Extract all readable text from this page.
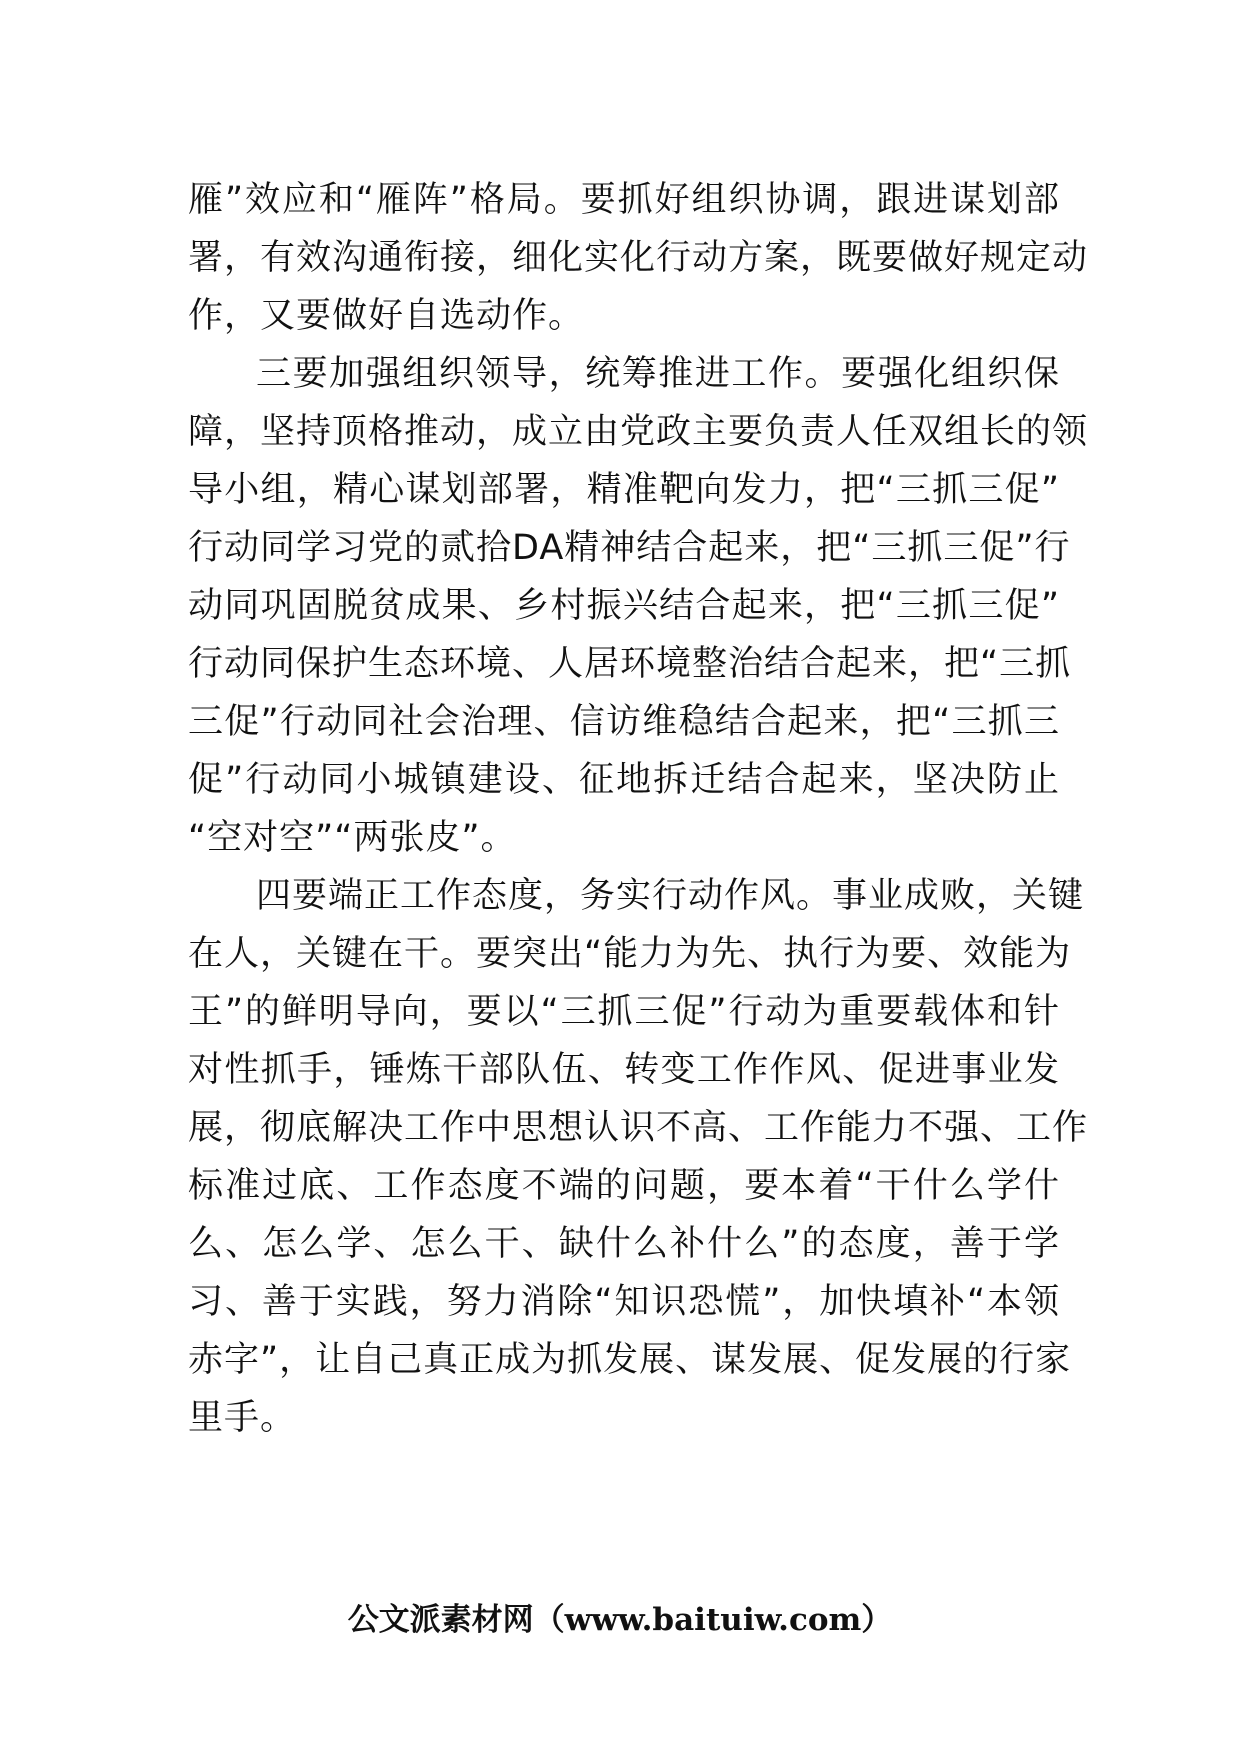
雁”效应和“雁阵”格局。要抓好组织协调，跟进谋划部
署，有效沟通衔接，细化实化行动方案，既要做好规定动
作，又要做好自选动作。
三要加强组织领导，统筹推进工作。要强化组织保
障，坚持顶格推动，成立由党政主要负责人任双组长的领
导小组，精心谋划部署，精准靶向发力，把“三抓三促”
行动同学习党的贰拾DA精神结合起来，把“三抓三促”行
动同巩固脱贫成果、乡村振兴结合起来，把“三抓三促”
行动同保护生态环境、人居环境整治结合起来，把“三抓
三促”行动同社会治理、信访维稳结合起来，把“三抓三
促”行动同小城镇建设、征地拆迁结合起来，坚决防止
“空对空”“两张皮”。
四要端正工作态度，务实行动作风。事业成败，关键
在人，关键在干。要突出“能力为先、执行为要、效能为
王”的鲜明导向，要以“三抓三促”行动为重要载体和针
对性抓手，锤炼干部队伍、转变工作作风、促进事业发
展，彻底解决工作中思想认识不高、工作能力不强、工作
标准过底、工作态度不端的问题，要本着“干什么学什
么、怎么学、怎么干、缺什么补什么”的态度，善于学
习、善于实践，努力消除“知识恐慌”，加快填补“本领
赤字”，让自己真正成为抓发展、谋发展、促发展的行家
里手。
公文派素材网（www.baituiw.com）
